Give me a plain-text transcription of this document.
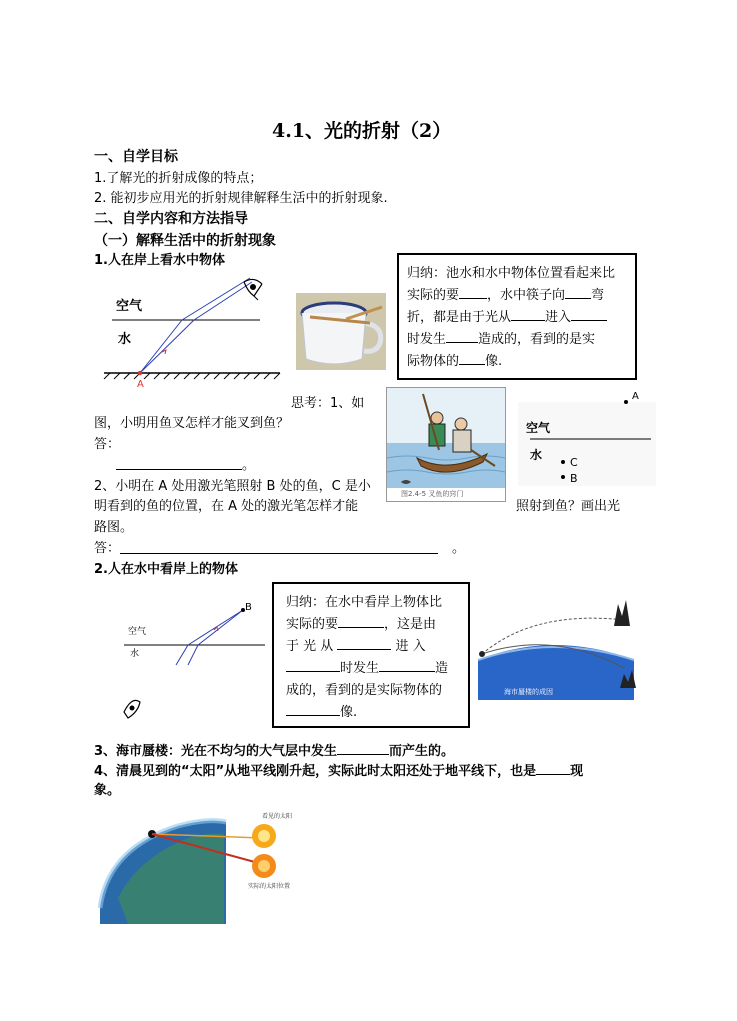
4.1、光的折射（2）
一、自学目标
1.了解光的折射成像的特点；
2. 能初步应用光的折射规律解释生活中的折射现象.
二、自学内容和方法指导
（一）解释生活中的折射现象
1.人在岸上看水中物体
空气
水
A
归纳：池水和水中物体位置看起来比
实际的要 ，水中筷子向 弯
折，都是由于光从	进入
时发生 造成的，看到的是实
际物体的 像.
思考：1、如
图，小明用鱼叉怎样才能叉到鱼？
答：
。
图2.4-5 叉鱼的窍门
A
空气
水
C
B
2、小明在 A 处用激光笔照射 B 处的鱼，C 是小
明看到的鱼的位置，在 A 处的激光笔怎样才能	照射到鱼？画出光
路图。
答：	。
2.人在水中看岸上的物体
B
空气
水
归纳：在水中看岸上物体比
实际的要	，这是由
于 光 从	进 入
时发生	造
成的，看到的是实际物体的
像.
海市蜃楼的成因
3、海市蜃楼：光在不均匀的大气层中发生	而产生的。
4、清晨见到的“太阳”从地平线刚升起，实际此时太阳还处于地平线下，也是	现
象。
看见的太阳
实际的太阳位置
